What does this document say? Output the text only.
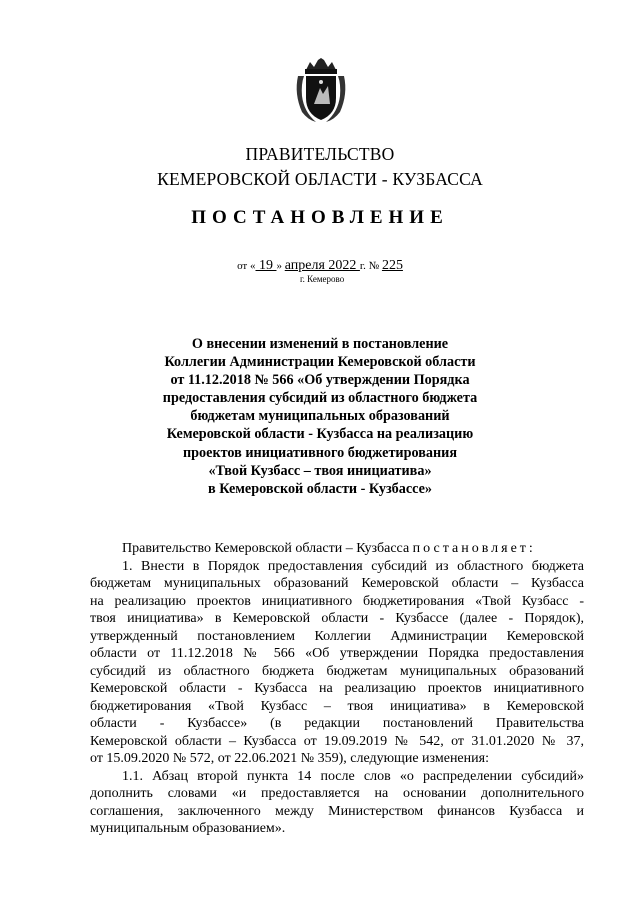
ПРАВИТЕЛЬСТВО
КЕМЕРОВСКОЙ ОБЛАСТИ - КУЗБАССА
ПОСТАНОВЛЕНИЕ
от « 19 » апреля 2022 г. № 225
г. Кемерово
О внесении изменений в постановление
Коллегии Администрации Кемеровской области
от 11.12.2018 № 566 «Об утверждении Порядка
предоставления субсидий из областного бюджета
бюджетам муниципальных образований
Кемеровской области - Кузбасса на реализацию
проектов инициативного бюджетирования
«Твой Кузбасс – твоя инициатива»
в Кемеровской области - Кузбассе»
Правительство Кемеровской области – Кузбасса постановляет:
1. Внести в Порядок предоставления субсидий из областного бюджета
бюджетам муниципальных образований Кемеровской области – Кузбасса
на реализацию проектов инициативного бюджетирования «Твой Кузбасс -
твоя инициатива» в Кемеровской области - Кузбассе (далее - Порядок),
утвержденный постановлением Коллегии Администрации Кемеровской
области от 11.12.2018 № 566 «Об утверждении Порядка предоставления
субсидий из областного бюджета бюджетам муниципальных образований
Кемеровской области - Кузбасса на реализацию проектов инициативного
бюджетирования «Твой Кузбасс – твоя инициатива» в Кемеровской
области - Кузбассе» (в редакции постановлений Правительства
Кемеровской области – Кузбасса от 19.09.2019 № 542, от 31.01.2020 № 37,
от 15.09.2020 № 572, от 22.06.2021 № 359), следующие изменения:
1.1. Абзац второй пункта 14 после слов «о распределении субсидий»
дополнить словами «и предоставляется на основании дополнительного
соглашения, заключенного между Министерством финансов Кузбасса и
муниципальным образованием».
